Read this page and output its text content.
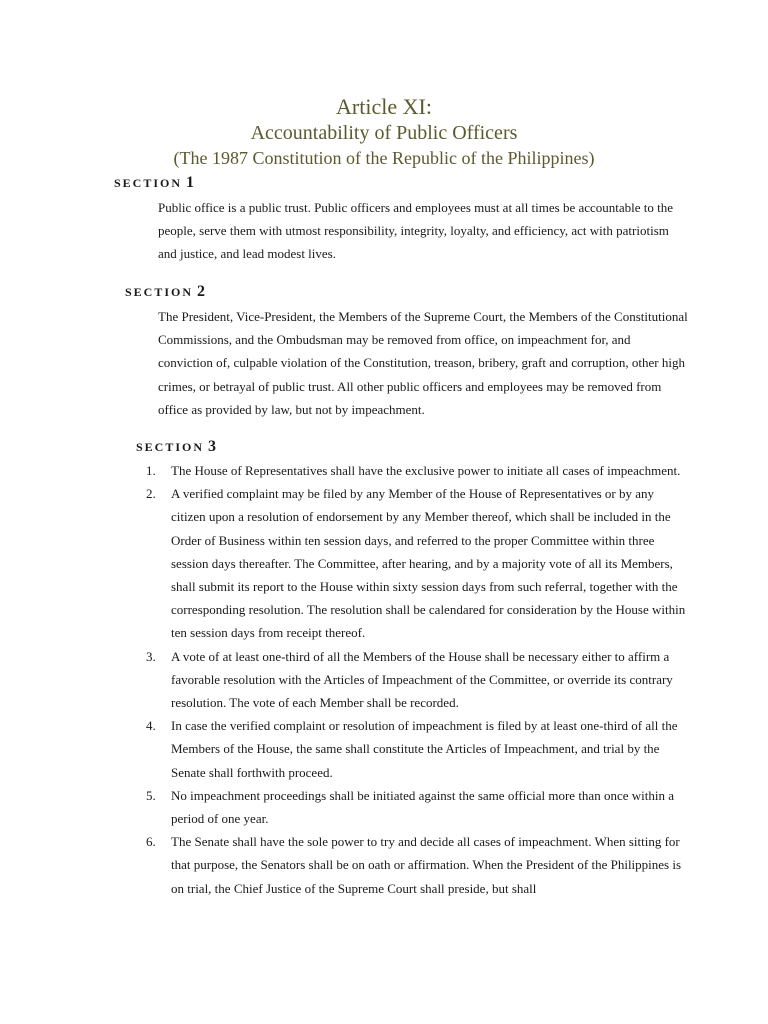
Article XI:
Accountability of Public Officers
(The 1987 Constitution of the Republic of the Philippines)
SECTION 1
Public office is a public trust. Public officers and employees must at all times be accountable to the people, serve them with utmost responsibility, integrity, loyalty, and efficiency, act with patriotism and justice, and lead modest lives.
SECTION 2
The President, Vice-President, the Members of the Supreme Court, the Members of the Constitutional Commissions, and the Ombudsman may be removed from office, on impeachment for, and conviction of, culpable violation of the Constitution, treason, bribery, graft and corruption, other high crimes, or betrayal of public trust. All other public officers and employees may be removed from office as provided by law, but not by impeachment.
SECTION 3
1. The House of Representatives shall have the exclusive power to initiate all cases of impeachment.
2. A verified complaint may be filed by any Member of the House of Representatives or by any citizen upon a resolution of endorsement by any Member thereof, which shall be included in the Order of Business within ten session days, and referred to the proper Committee within three session days thereafter. The Committee, after hearing, and by a majority vote of all its Members, shall submit its report to the House within sixty session days from such referral, together with the corresponding resolution. The resolution shall be calendared for consideration by the House within ten session days from receipt thereof.
3. A vote of at least one-third of all the Members of the House shall be necessary either to affirm a favorable resolution with the Articles of Impeachment of the Committee, or override its contrary resolution. The vote of each Member shall be recorded.
4. In case the verified complaint or resolution of impeachment is filed by at least one-third of all the Members of the House, the same shall constitute the Articles of Impeachment, and trial by the Senate shall forthwith proceed.
5. No impeachment proceedings shall be initiated against the same official more than once within a period of one year.
6. The Senate shall have the sole power to try and decide all cases of impeachment. When sitting for that purpose, the Senators shall be on oath or affirmation. When the President of the Philippines is on trial, the Chief Justice of the Supreme Court shall preside, but shall
